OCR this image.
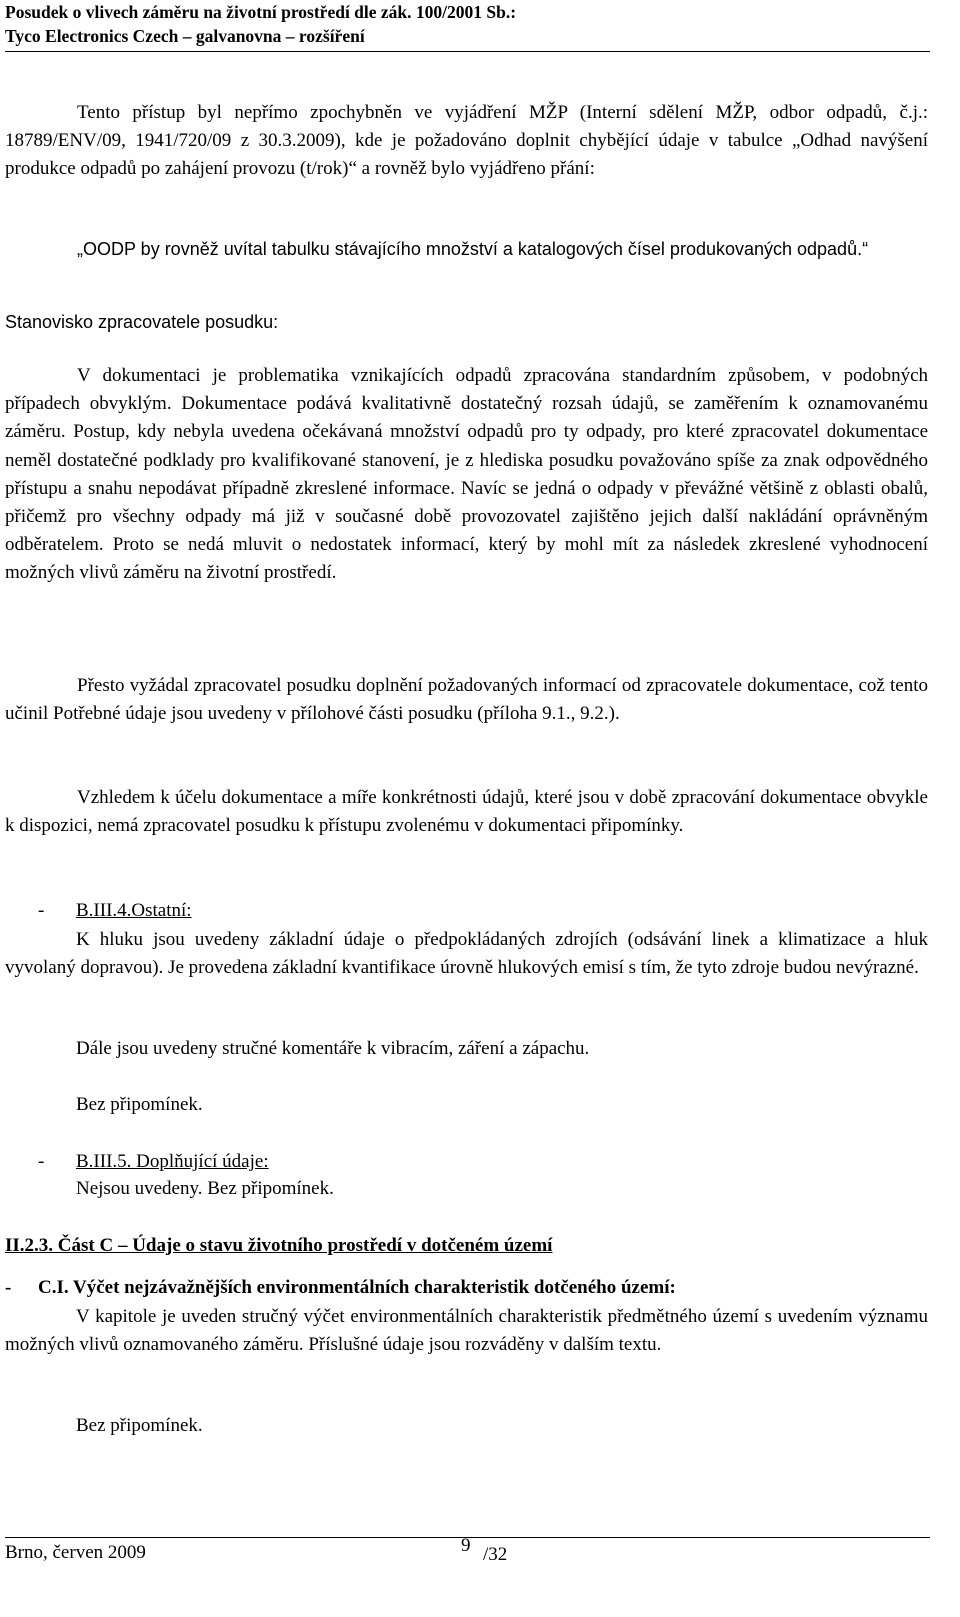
Posudek o vlivech záměru na životní prostředí dle zák. 100/2001 Sb.:
Tyco Electronics Czech – galvanovna – rozšíření
Tento přístup byl nepřímo zpochybněn ve vyjádření MŽP (Interní sdělení MŽP, odbor odpadů, č.j.: 18789/ENV/09, 1941/720/09 z 30.3.2009), kde je požadováno doplnit chybějící údaje v tabulce „Odhad navýšení produkce odpadů po zahájení provozu (t/rok)“ a rovněž bylo vyjádřeno přání:
„OODP by rovněž uvítal tabulku stávajícího množství a katalogových čísel produkovaných odpadů.“
Stanovisko zpracovatele posudku:
V dokumentaci je problematika vznikajících odpadů zpracována standardním způsobem, v podobných případech obvyklým. Dokumentace podává kvalitativně dostatečný rozsah údajů, se zaměřením k oznamovanému záměru. Postup, kdy nebyla uvedena očekávaná množství odpadů pro ty odpady, pro které zpracovatel dokumentace neměl dostatečné podklady pro kvalifikované stanovení, je z hlediska posudku považováno spíše za znak odpovědného přístupu a snahu nepodávat případně zkreslené informace. Navíc se jedná o odpady v převážné většině z oblasti obalů, přičemž pro všechny odpady má již v současné době provozovatel zajištěno jejich další nakládání oprávněným odběratelem. Proto se nedá mluvit o nedostatek informací, který by mohl mít za následek zkreslené vyhodnocení možných vlivů záměru na životní prostředí.
Přesto vyžádal zpracovatel posudku doplnění požadovaných informací od zpracovatele dokumentace, což tento učinil Potřebné údaje jsou uvedeny v přílohové části posudku (příloha 9.1., 9.2.).
Vzhledem k účelu dokumentace a míře konkrétnosti údajů, které jsou v době zpracování dokumentace obvykle k dispozici, nemá zpracovatel posudku k přístupu zvolenému v dokumentaci připomínky.
- B.III.4.Ostatní:
K hluku jsou uvedeny základní údaje o předpokládaných zdrojích (odsávání linek a klimatizace a hluk vyvolaný dopravou). Je provedena základní kvantifikace úrovně hlukových emisí s tím, že tyto zdroje budou nevýrazné.
Dále jsou uvedeny stručné komentáře k vibracím, záření a zápachu.
Bez připomínek.
- B.III.5. Doplňující údaje:
Nejsou uvedeny. Bez připomínek.
II.2.3. Část C – Údaje o stavu životního prostředí v dotčeném území
- C.I. Výčet nejzávažnějších environmentálních charakteristik dotčeného území:
V kapitole je uveden stručný výčet environmentálních charakteristik předmětného území s uvedením významu možných vlivů oznamovaného záměru. Příslušné údaje jsou rozváděny v dalším textu.
Bez připomínek.
Brno, červen 2009	9 /32
